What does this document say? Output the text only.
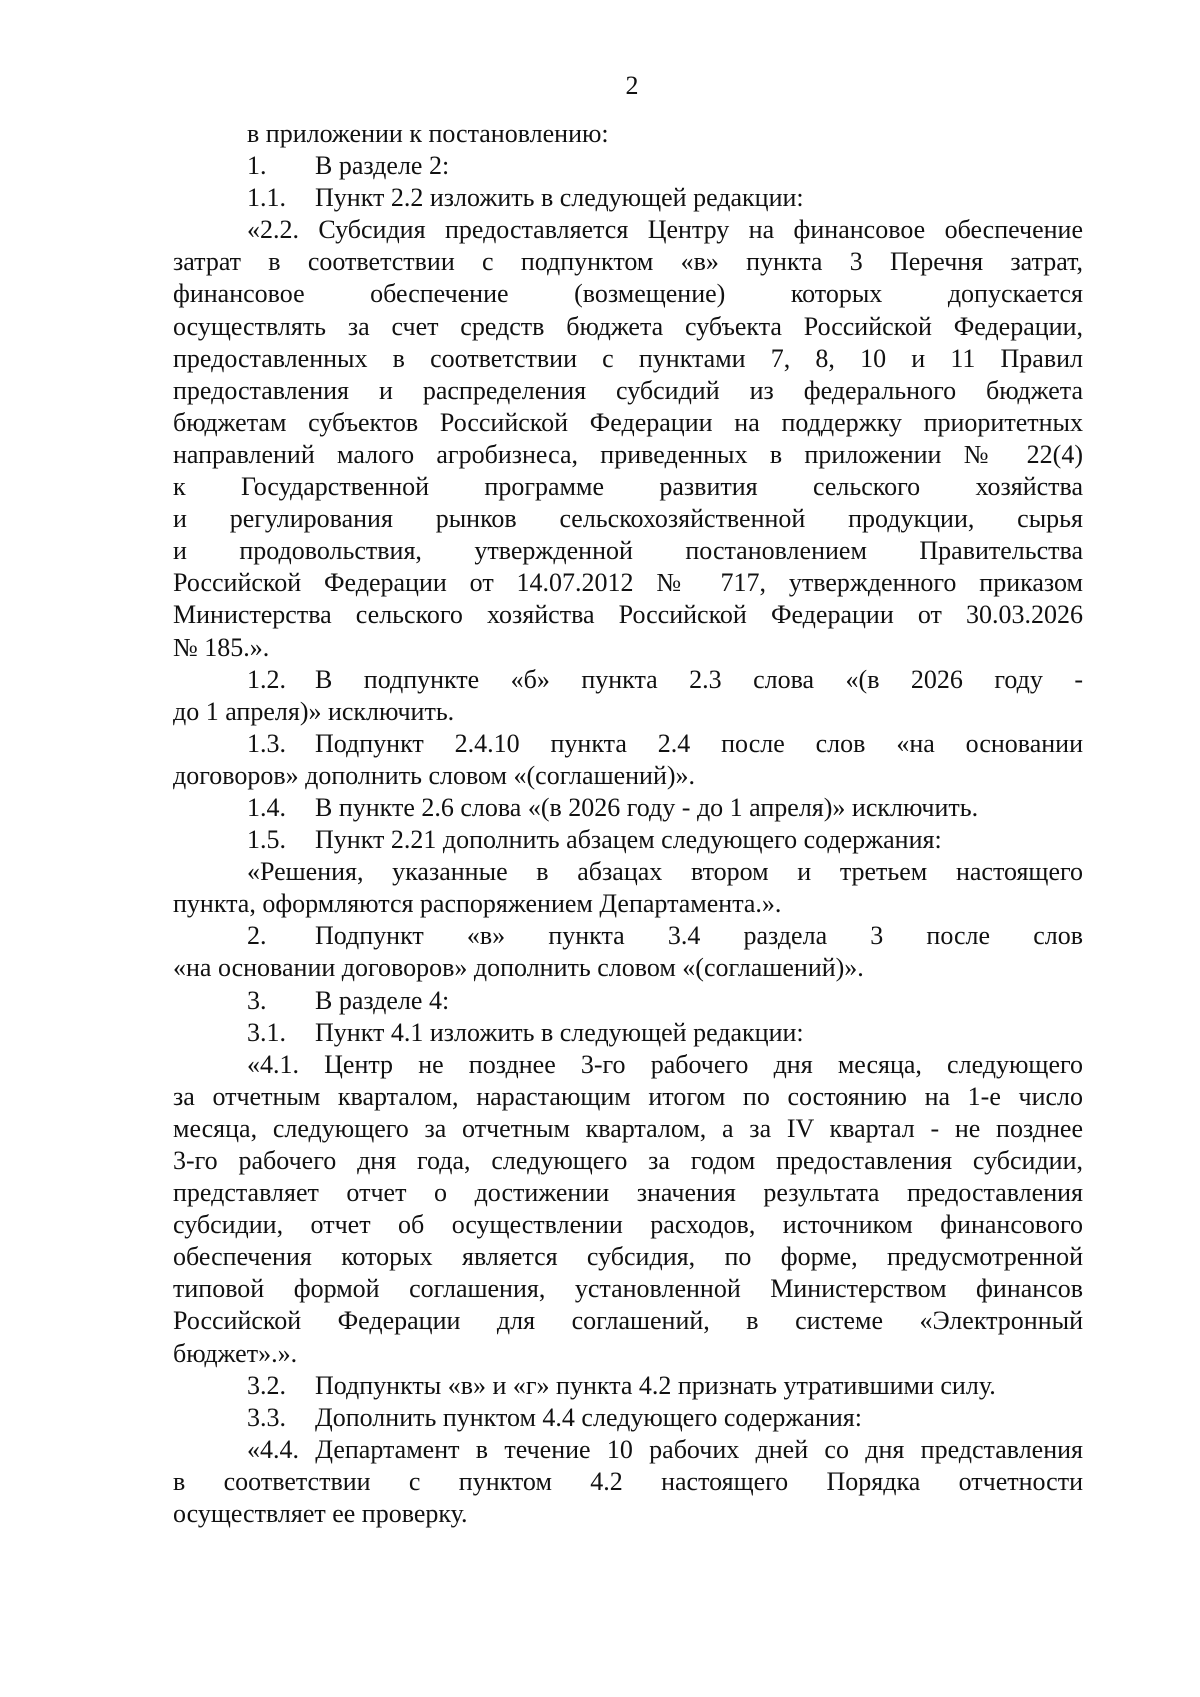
2
в приложении к постановлению:
1. В разделе 2:
1.1. Пункт 2.2 изложить в следующей редакции:
«2.2. Субсидия предоставляется Центру на финансовое обеспечение
затрат в соответствии с подпунктом «в» пункта 3 Перечня затрат,
финансовое обеспечение (возмещение) которых допускается
осуществлять за счет средств бюджета субъекта Российской Федерации,
предоставленных в соответствии с пунктами 7, 8, 10 и 11 Правил
предоставления и распределения субсидий из федерального бюджета
бюджетам субъектов Российской Федерации на поддержку приоритетных
направлений малого агробизнеса, приведенных в приложении № 22(4)
к Государственной программе развития сельского хозяйства
и регулирования рынков сельскохозяйственной продукции, сырья
и продовольствия, утвержденной постановлением Правительства
Российской Федерации от 14.07.2012 № 717, утвержденного приказом
Министерства сельского хозяйства Российской Федерации от 30.03.2026
№ 185.».
1.2. В подпункте «б» пункта 2.3 слова «(в 2026 году -
до 1 апреля)» исключить.
1.3. Подпункт 2.4.10 пункта 2.4 после слов «на основании
договоров» дополнить словом «(соглашений)».
1.4. В пункте 2.6 слова «(в 2026 году - до 1 апреля)» исключить.
1.5. Пункт 2.21 дополнить абзацем следующего содержания:
«Решения, указанные в абзацах втором и третьем настоящего
пункта, оформляются распоряжением Департамента.».
2. Подпункт «в» пункта 3.4 раздела 3 после слов
«на основании договоров» дополнить словом «(соглашений)».
3. В разделе 4:
3.1. Пункт 4.1 изложить в следующей редакции:
«4.1. Центр не позднее 3-го рабочего дня месяца, следующего
за отчетным кварталом, нарастающим итогом по состоянию на 1-е число
месяца, следующего за отчетным кварталом, а за IV квартал - не позднее
3-го рабочего дня года, следующего за годом предоставления субсидии,
представляет отчет о достижении значения результата предоставления
субсидии, отчет об осуществлении расходов, источником финансового
обеспечения которых является субсидия, по форме, предусмотренной
типовой формой соглашения, установленной Министерством финансов
Российской Федерации для соглашений, в системе «Электронный
бюджет».».
3.2. Подпункты «в» и «г» пункта 4.2 признать утратившими силу.
3.3. Дополнить пунктом 4.4 следующего содержания:
«4.4. Департамент в течение 10 рабочих дней со дня представления
в соответствии с пунктом 4.2 настоящего Порядка отчетности
осуществляет ее проверку.
